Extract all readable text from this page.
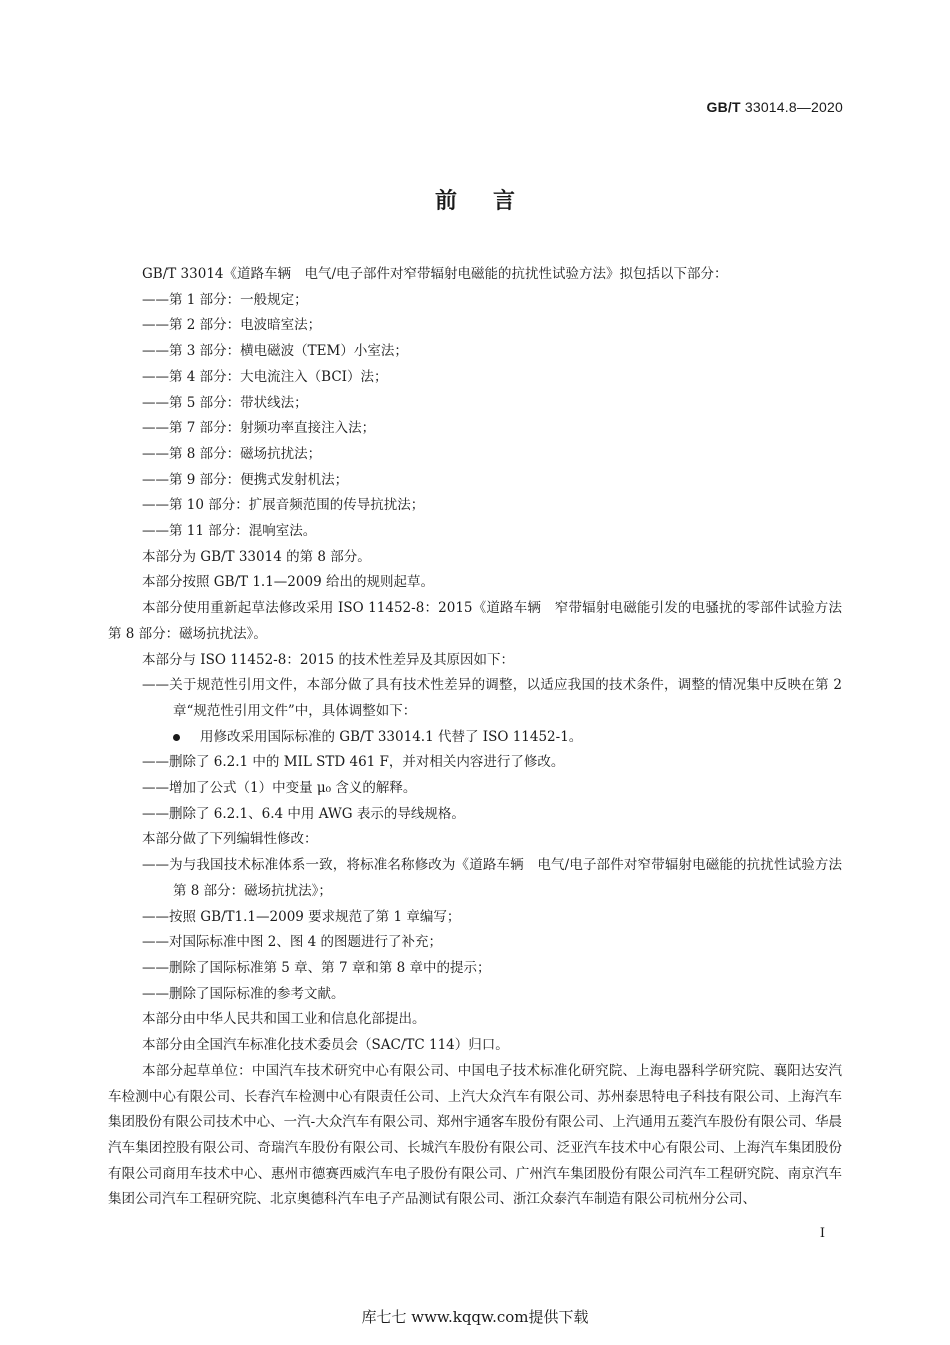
GB/T 33014.8—2020
前言

GB/T 33014《道路车辆　电气/电子部件对窄带辐射电磁能的抗扰性试验方法》拟包括以下部分：

——第 1 部分：一般规定；

——第 2 部分：电波暗室法；

——第 3 部分：横电磁波（TEM）小室法；

——第 4 部分：大电流注入（BCI）法；

——第 5 部分：带状线法；

——第 7 部分：射频功率直接注入法；

——第 8 部分：磁场抗扰法；

——第 9 部分：便携式发射机法；

——第 10 部分：扩展音频范围的传导抗扰法；

——第 11 部分：混响室法。

本部分为 GB/T 33014 的第 8 部分。

本部分按照 GB/T 1.1—2009 给出的规则起草。

本部分使用重新起草法修改采用 ISO 11452-8：2015《道路车辆　窄带辐射电磁能引发的电骚扰的零部件试验方法　第 8 部分：磁场抗扰法》。

本部分与 ISO 11452-8：2015 的技术性差异及其原因如下：

——关于规范性引用文件，本部分做了具有技术性差异的调整，以适应我国的技术条件，调整的情况集中反映在第 2 章“规范性引用文件”中，具体调整如下：

用修改采用国际标准的 GB/T 33014.1 代替了 ISO 11452-1。

——删除了 6.2.1 中的 MIL STD 461 F，并对相关内容进行了修改。

——增加了公式（1）中变量 μ₀ 含义的解释。

——删除了 6.2.1、6.4 中用 AWG 表示的导线规格。

本部分做了下列编辑性修改：

——为与我国技术标准体系一致，将标准名称修改为《道路车辆　电气/电子部件对窄带辐射电磁能的抗扰性试验方法　第 8 部分：磁场抗扰法》；

——按照 GB/T1.1—2009 要求规范了第 1 章编写；

——对国际标准中图 2、图 4 的图题进行了补充；

——删除了国际标准第 5 章、第 7 章和第 8 章中的提示；

——删除了国际标准的参考文献。

本部分由中华人民共和国工业和信息化部提出。

本部分由全国汽车标准化技术委员会（SAC/TC 114）归口。

本部分起草单位：中国汽车技术研究中心有限公司、中国电子技术标准化研究院、上海电器科学研究院、襄阳达安汽车检测中心有限公司、长春汽车检测中心有限责任公司、上汽大众汽车有限公司、苏州泰思特电子科技有限公司、上海汽车集团股份有限公司技术中心、一汽-大众汽车有限公司、郑州宇通客车股份有限公司、上汽通用五菱汽车股份有限公司、华晨汽车集团控股有限公司、奇瑞汽车股份有限公司、长城汽车股份有限公司、泛亚汽车技术中心有限公司、上海汽车集团股份有限公司商用车技术中心、惠州市德赛西威汽车电子股份有限公司、广州汽车集团股份有限公司汽车工程研究院、南京汽车集团公司汽车工程研究院、北京奥德科汽车电子产品测试有限公司、浙江众泰汽车制造有限公司杭州分公司、

I
库七七 www.kqqw.com提供下载
